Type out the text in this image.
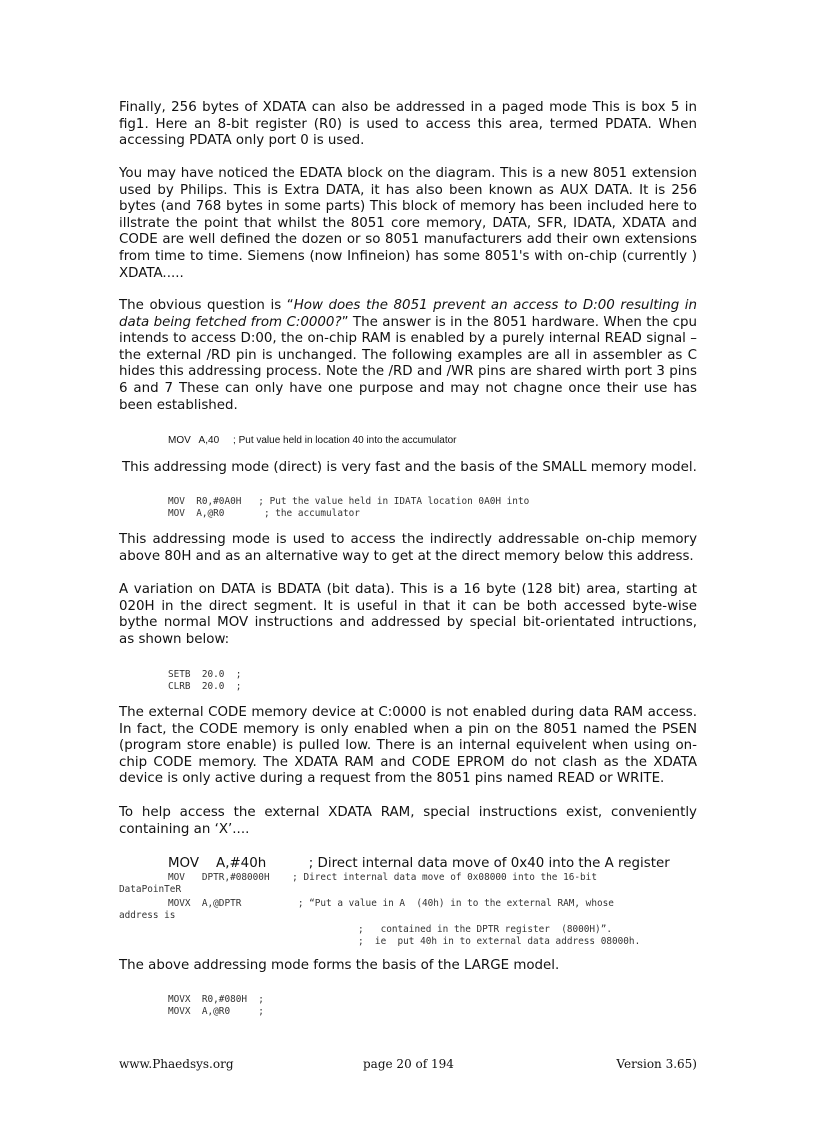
Finally, 256 bytes of XDATA can also be addressed in a paged mode This is box 5 in fig1. Here an 8-bit register (R0) is used to access this area, termed PDATA. When accessing PDATA only port 0 is used.

You may have noticed the EDATA block on the diagram. This is a new 8051 extension used by Philips. This is Extra DATA, it has also been known as AUX DATA. It is 256 bytes (and 768 bytes in some parts) This block of memory has been included here to illstrate the point that whilst the 8051 core memory, DATA, SFR, IDATA, XDATA and CODE are well defined the dozen or so 8051 manufacturers add their own extensions from time to time. Siemens (now Infineion) has some 8051's with on-chip (currently ) XDATA.....

The obvious question is “How does the 8051 prevent an access to D:00 resulting in data being fetched from C:0000?” The answer is in the 8051 hardware. When the cpu intends to access D:00, the on-chip RAM is enabled by a purely internal READ signal – the external /RD pin is unchanged. The following examples are all in assembler as C hides this addressing process. Note the /RD and /WR pins are shared wirth port 3 pins 6 and 7 These can only have one purpose and may not chagne once their use has been established.

MOV   A,40     ; Put value held in location 40 into the accumulator

This addressing mode (direct) is very fast and the basis of the SMALL memory model.

MOV  R0,#0A0H   ; Put the value held in IDATA location 0A0H into

MOV  A,@R0       ; the accumulator

This addressing mode is used to access the indirectly addressable on-chip memory above 80H and as an alternative way to get at the direct memory below this address.

A variation on DATA is BDATA (bit data). This is a 16 byte (128 bit) area, starting at 020H in the direct segment. It is useful in that it can be both accessed byte-wise bythe normal MOV instructions and addressed by special bit-orientated intructions, as shown below:

SETB  20.0  ;

CLRB  20.0  ;

The external CODE memory device at C:0000 is not enabled during data RAM access. In fact, the CODE memory is only enabled when a pin on the 8051 named the PSEN (program store enable) is pulled low. There is an internal equivelent when using on-chip CODE memory. The XDATA RAM and CODE EPROM do not clash as the XDATA device is only active during a request from the 8051 pins named READ or WRITE.

To help access the external XDATA RAM, special instructions exist, conveniently containing an ‘X’....

MOV    A,#40h          ; Direct internal data move of 0x40 into the A register

MOV   DPTR,#08000H    ; Direct internal data move of 0x08000 into the 16-bit

DataPoinTeR

MOVX  A,@DPTR          ; “Put a value in A  (40h) in to the external RAM, whose

address is

;   contained in the DPTR register  (8000H)”.

;  ie  put 40h in to external data address 08000h.

The above addressing mode forms the basis of the LARGE model.

MOVX  R0,#080H  ;

MOVX  A,@R0     ;

www.Phaedsys.org	page 20 of 194	Version 3.65)
